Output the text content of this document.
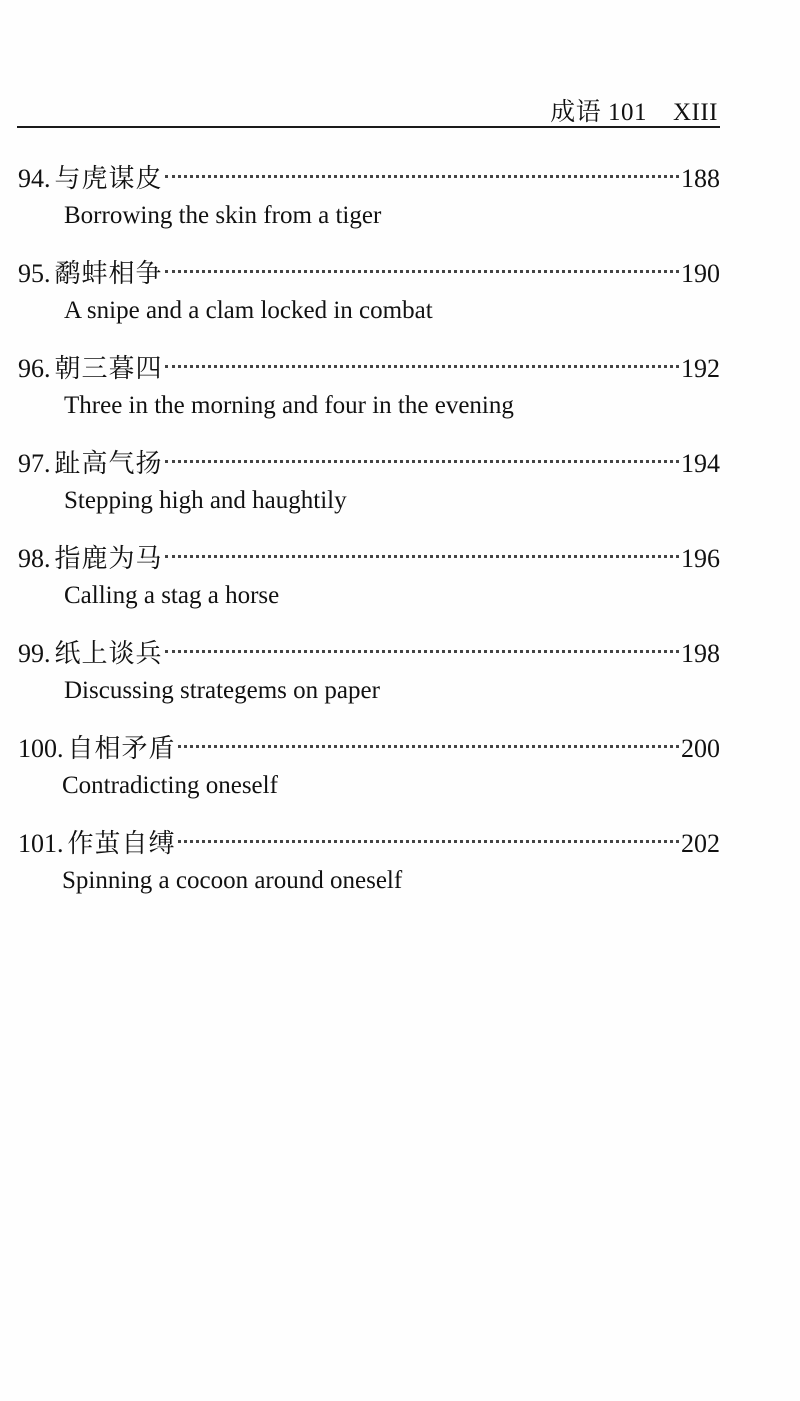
成语 101 XIII
94. 与虎谋皮	188
Borrowing the skin from a tiger
95. 鹬蚌相争	190
A snipe and a clam locked in combat
96. 朝三暮四	192
Three in the morning and four in the evening
97. 趾高气扬	194
Stepping high and haughtily
98. 指鹿为马	196
Calling a stag a horse
99. 纸上谈兵	198
Discussing strategems on paper
100. 自相矛盾	200
Contradicting oneself
101. 作茧自缚	202
Spinning a cocoon around oneself
